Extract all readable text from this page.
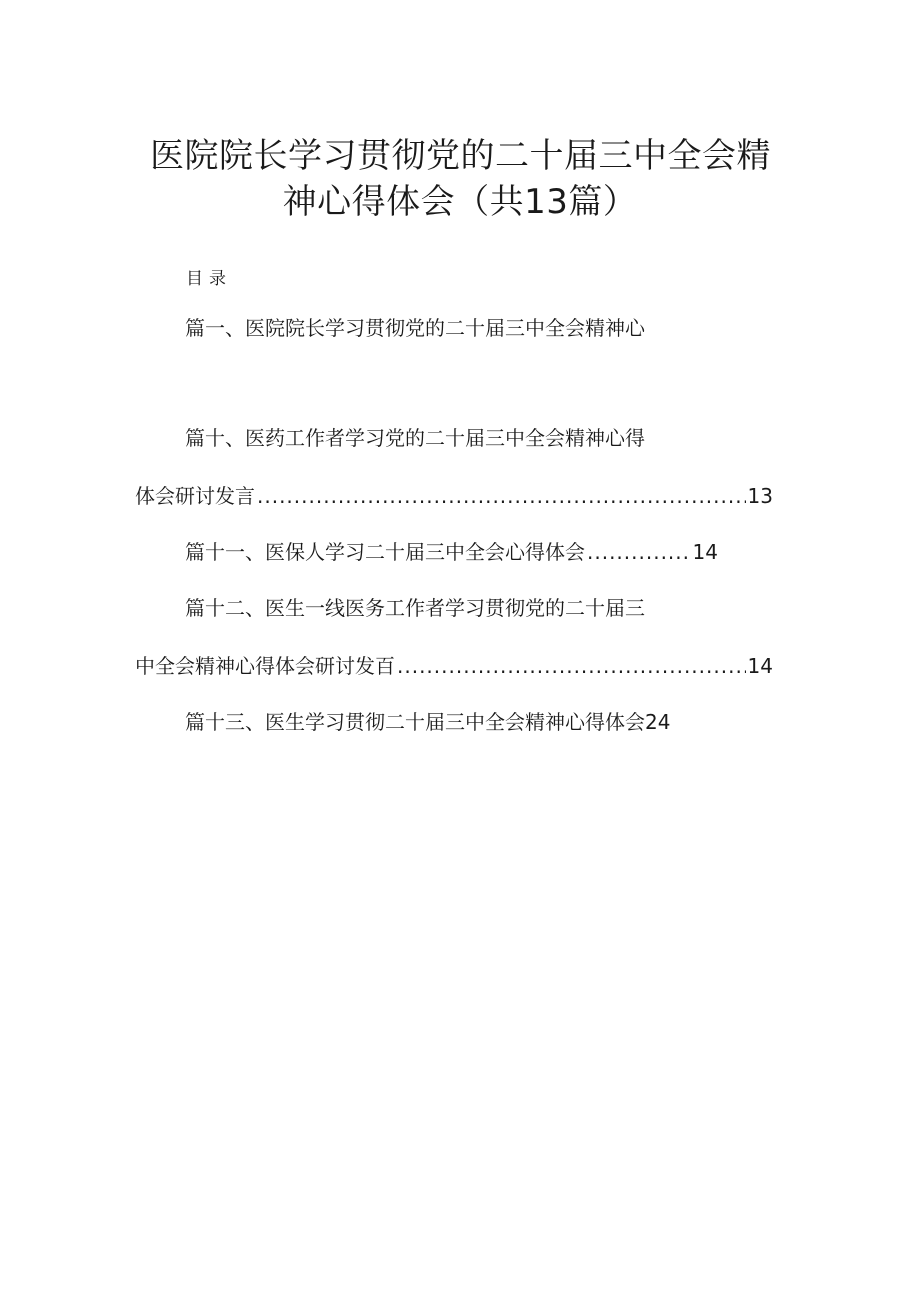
医院院长学习贯彻党的二十届三中全会精
神心得体会（共13篇）
目录
篇一、医院院长学习贯彻党的二十届三中全会精神心
篇十、医药工作者学习党的二十届三中全会精神心得
体会研讨发言 .....	13
篇十一、医保人学习二十届三中全会心得体会 .....	14
篇十二、医生一线医务工作者学习贯彻党的二十届三
中全会精神心得体会研讨发百 .....	14
篇十三、医生学习贯彻二十届三中全会精神心得体会24
